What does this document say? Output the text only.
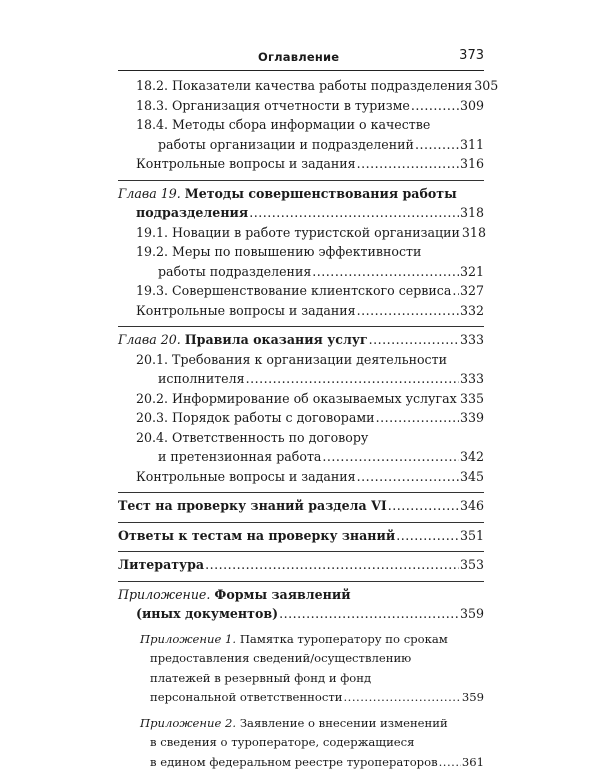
Оглавление	373
18.2. Показатели качества работы подразделения 305
18.3. Организация отчетности в туризме .....	309
18.4. Методы сбора информации о качестве
работы организации и подразделений .....	311
Контрольные вопросы и задания .....	316
Глава 19. Методы совершенствования работы
подразделения .....	318
19.1. Новации в работе туристской организации 318
19.2. Меры по повышению эффективности
работы подразделения .....	321
19.3. Совершенствование клиентского сервиса ..... 327
Контрольные вопросы и задания .....	332
Глава 20. Правила оказания услуг .....	333
20.1. Требования к организации деятельности
исполнителя .....	333
20.2. Информирование об оказываемых услугах ..... 335
20.3. Порядок работы с договорами .....	339
20.4. Ответственность по договору
и претензионная работа .....	342
Контрольные вопросы и задания .....	345
Тест на проверку знаний раздела VI .....	346
Ответы к тестам на проверку знаний .....	351
Литература .....	353
Приложение. Формы заявлений
(иных документов) .....	359
Приложение 1. Памятка туроператору по срокам
предоставления сведений/осуществлению
платежей в резервный фонд и фонд
персональной ответственности .....	359
Приложение 2. Заявление о внесении изменений
в сведения о туроператоре, содержащиеся
в едином федеральном реестре туроператоров ..... 361
